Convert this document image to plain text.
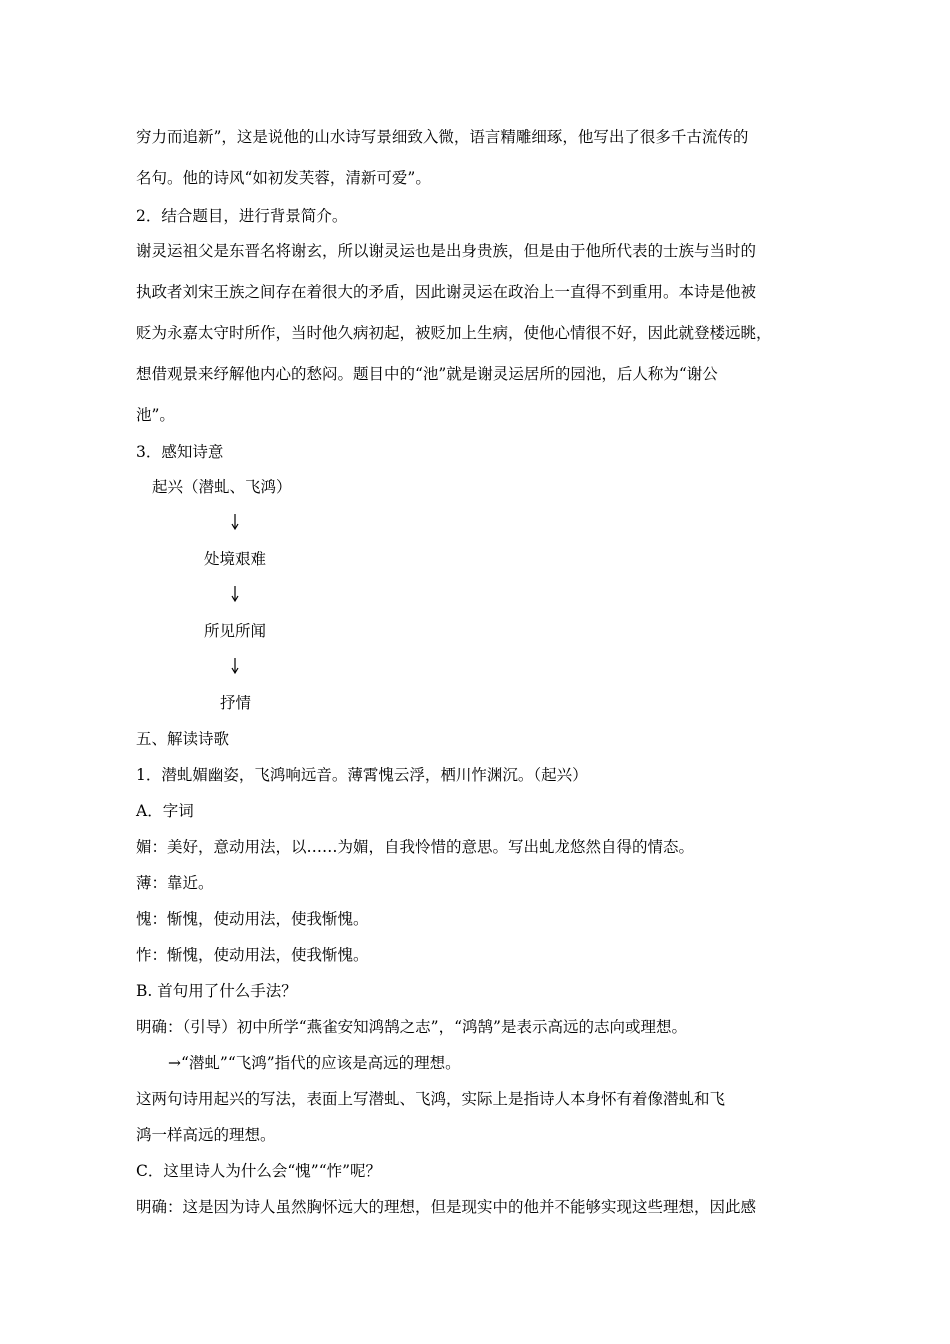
穷力而追新”，这是说他的山水诗写景细致入微，语言精雕细琢，他写出了很多千古流传的
名句。他的诗风“如初发芙蓉，清新可爱”。
2．结合题目，进行背景简介。
谢灵运祖父是东晋名将谢玄，所以谢灵运也是出身贵族，但是由于他所代表的士族与当时的
执政者刘宋王族之间存在着很大的矛盾，因此谢灵运在政治上一直得不到重用。本诗是他被
贬为永嘉太守时所作，当时他久病初起，被贬加上生病，使他心情很不好，因此就登楼远眺，
想借观景来纾解他内心的愁闷。题目中的“池”就是谢灵运居所的园池，后人称为“谢公
池”。
3．感知诗意
起兴（潜虬、飞鸿）
处境艰难
所见所闻
抒情
五、解读诗歌
1．潜虬媚幽姿，飞鸿响远音。薄霄愧云浮，栖川怍渊沉。（起兴）
A．字词
媚：美好，意动用法，以……为媚，自我怜惜的意思。写出虬龙悠然自得的情态。
薄：靠近。
愧：惭愧，使动用法，使我惭愧。
怍：惭愧，使动用法，使我惭愧。
B. 首句用了什么手法？
明确：（引导）初中所学“燕雀安知鸿鹄之志”，“鸿鹄”是表示高远的志向或理想。
→“潜虬”“飞鸿”指代的应该是高远的理想。
这两句诗用起兴的写法，表面上写潜虬、飞鸿，实际上是指诗人本身怀有着像潜虬和飞
鸿一样高远的理想。
C．这里诗人为什么会“愧”“怍”呢？
明确：这是因为诗人虽然胸怀远大的理想，但是现实中的他并不能够实现这些理想，因此感
